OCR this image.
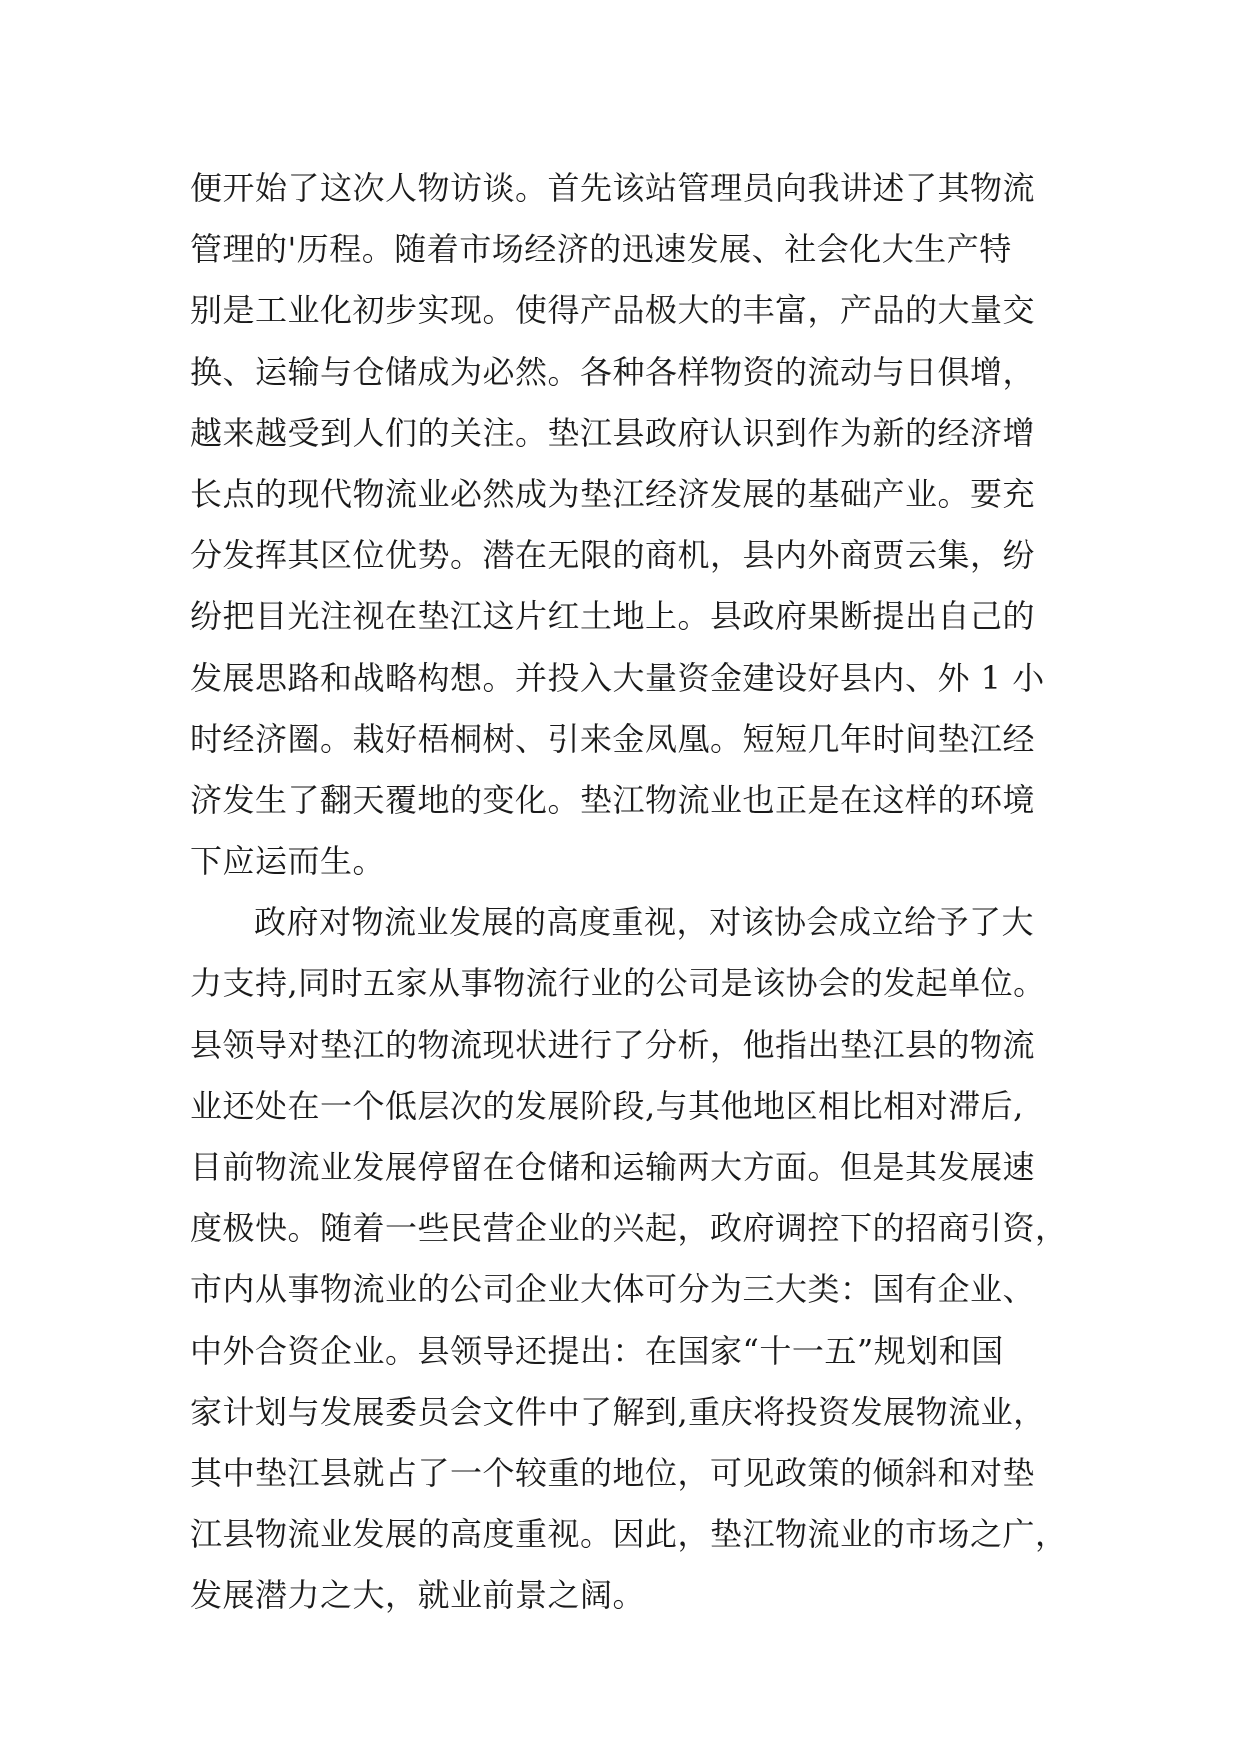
便开始了这次人物访谈。首先该站管理员向我讲述了其物流
管理的'历程。随着市场经济的迅速发展、社会化大生产特
别是工业化初步实现。使得产品极大的丰富，产品的大量交
换、运输与仓储成为必然。各种各样物资的流动与日俱增，
越来越受到人们的关注。垫江县政府认识到作为新的经济增
长点的现代物流业必然成为垫江经济发展的基础产业。要充
分发挥其区位优势。潜在无限的商机，县内外商贾云集，纷
纷把目光注视在垫江这片红土地上。县政府果断提出自己的
发展思路和战略构想。并投入大量资金建设好县内、外 1 小
时经济圈。栽好梧桐树、引来金凤凰。短短几年时间垫江经
济发生了翻天覆地的变化。垫江物流业也正是在这样的环境
下应运而生。
政府对物流业发展的高度重视，对该协会成立给予了大
力支持,同时五家从事物流行业的公司是该协会的发起单位。
县领导对垫江的物流现状进行了分析，他指出垫江县的物流
业还处在一个低层次的发展阶段,与其他地区相比相对滞后,
目前物流业发展停留在仓储和运输两大方面。但是其发展速
度极快。随着一些民营企业的兴起，政府调控下的招商引资，
市内从事物流业的公司企业大体可分为三大类：国有企业、
中外合资企业。县领导还提出：在国家“十一五”规划和国
家计划与发展委员会文件中了解到,重庆将投资发展物流业，
其中垫江县就占了一个较重的地位，可见政策的倾斜和对垫
江县物流业发展的高度重视。因此，垫江物流业的市场之广，
发展潜力之大，就业前景之阔。
